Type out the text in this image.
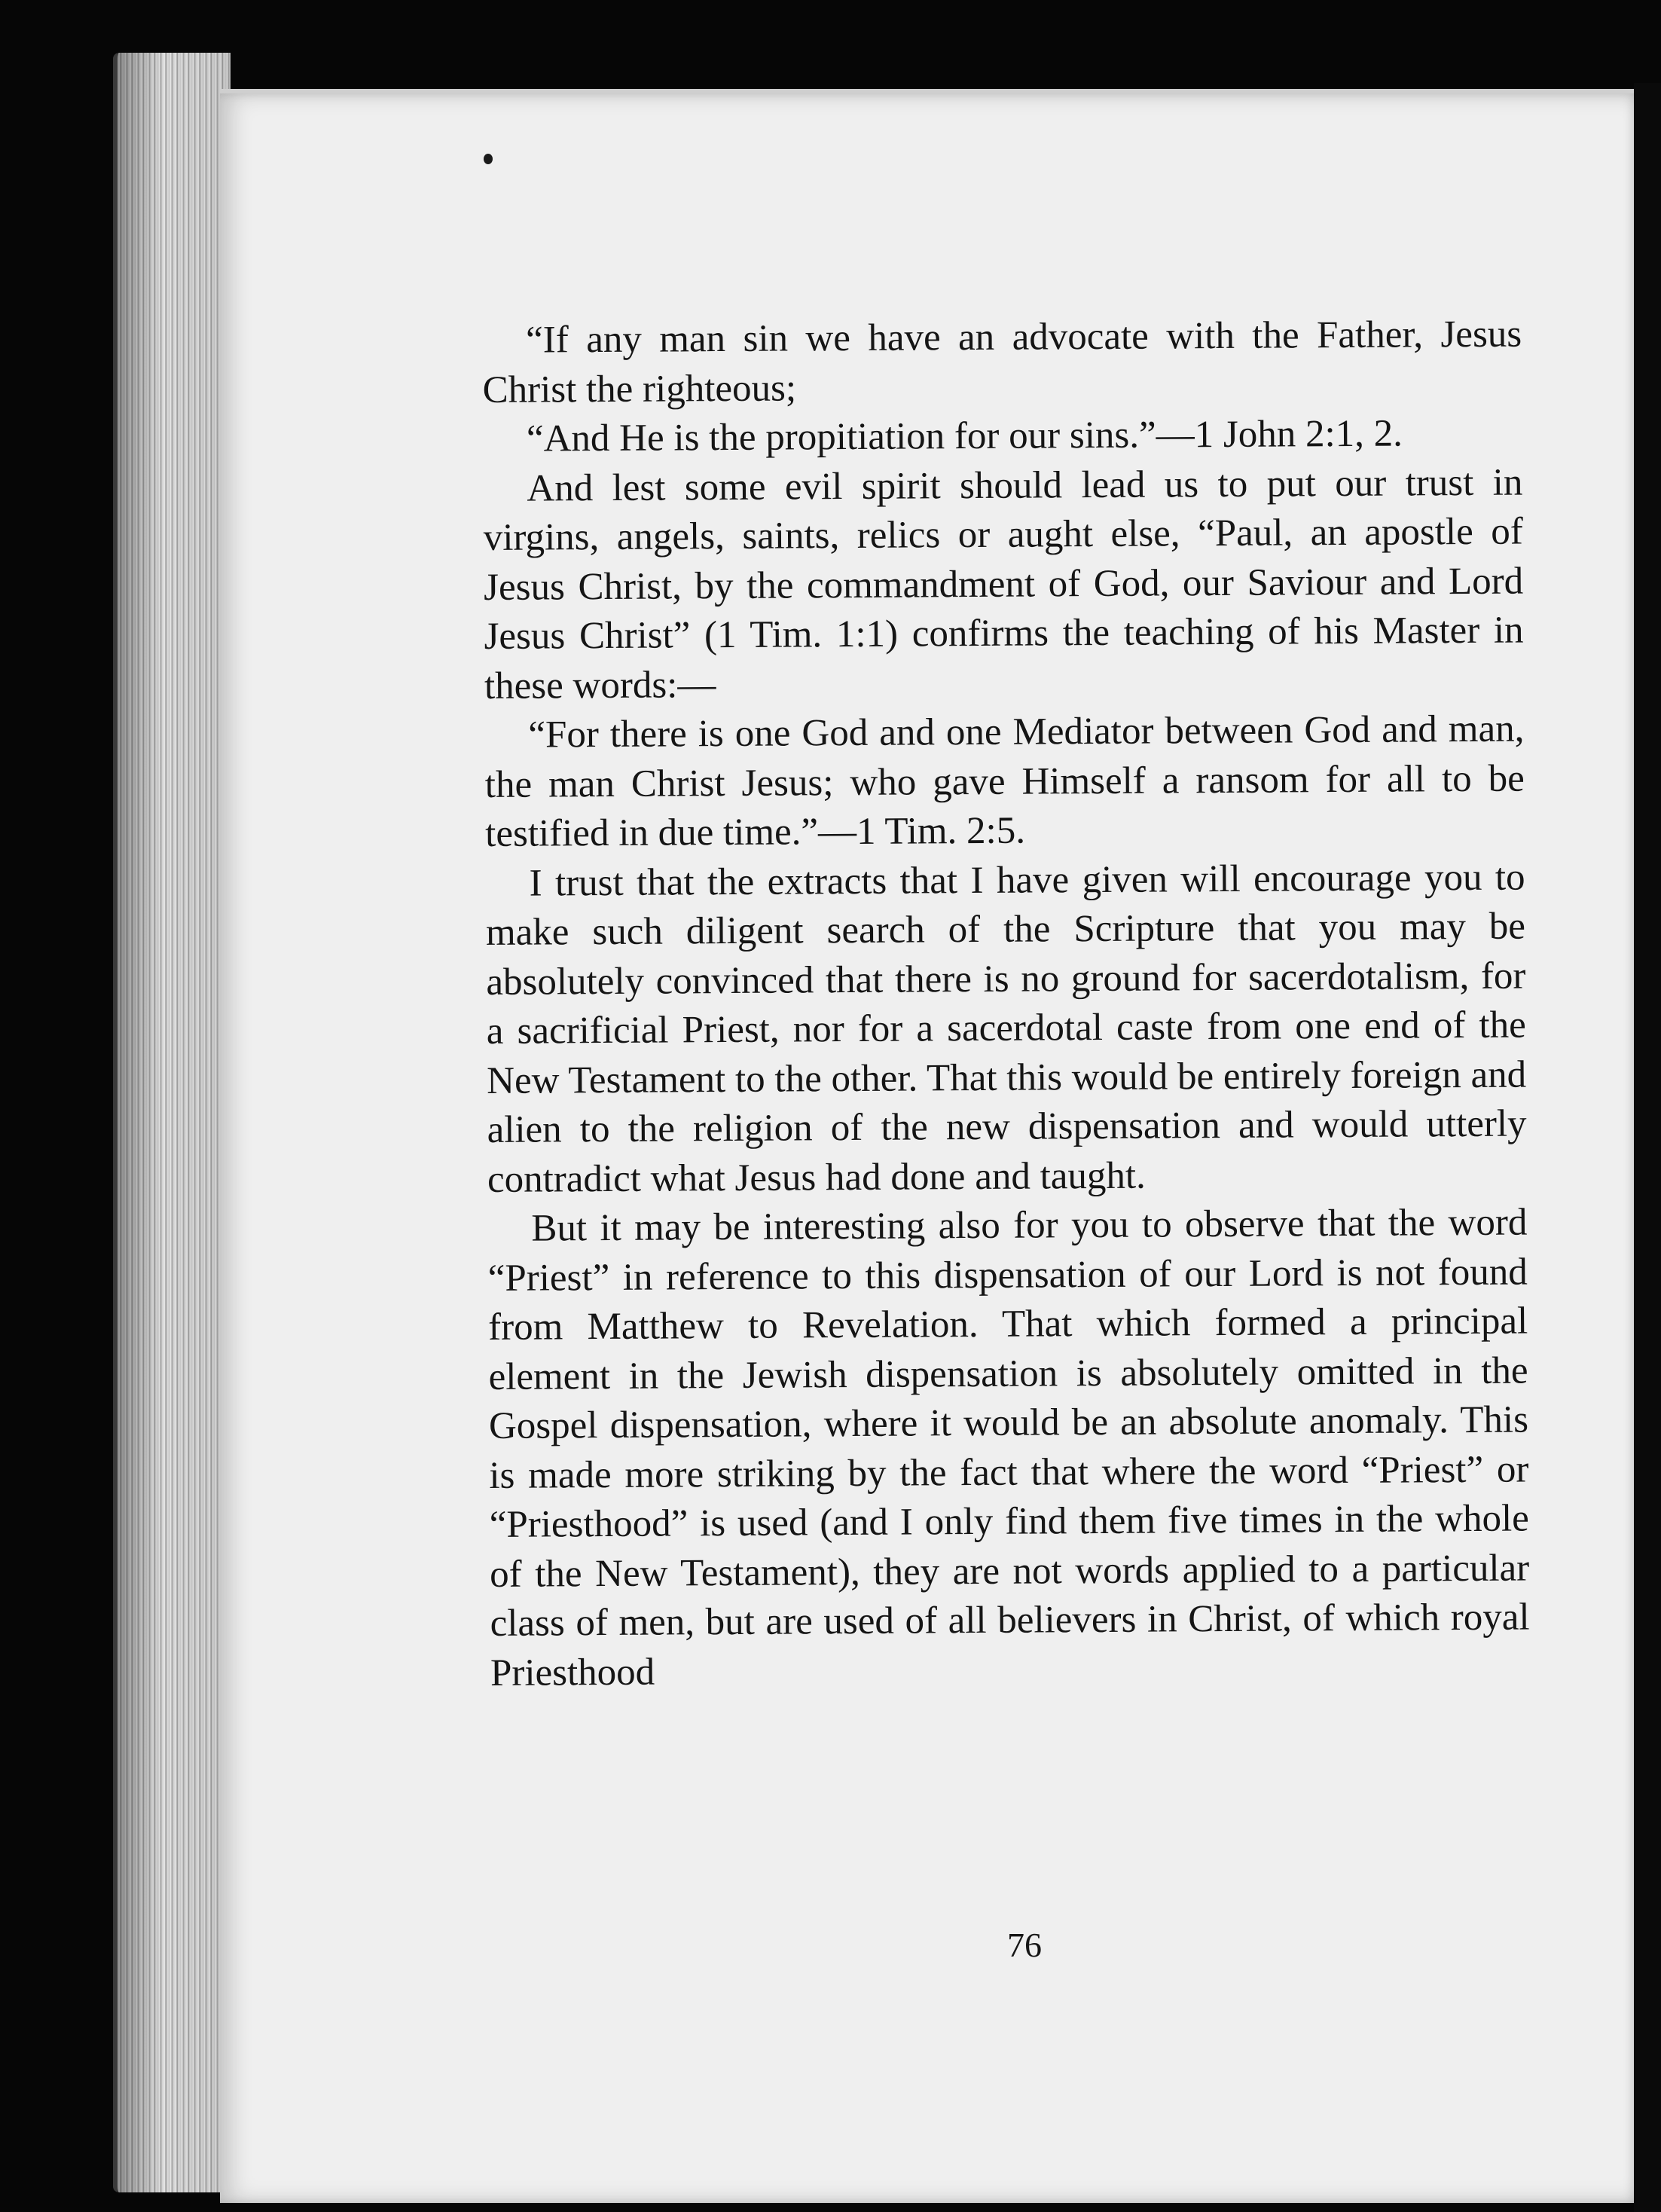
“If any man sin we have an advocate with the Father, Jesus Christ the righteous;

“And He is the propitiation for our sins.”—1 John 2:1, 2.

And lest some evil spirit should lead us to put our trust in virgins, angels, saints, relics or aught else, “Paul, an apostle of Jesus Christ, by the commandment of God, our Saviour and Lord Jesus Christ” (1 Tim. 1:1) confirms the teaching of his Master in these words:—

“For there is one God and one Mediator between God and man, the man Christ Jesus; who gave Himself a ransom for all to be testified in due time.”—1 Tim. 2:5.

I trust that the extracts that I have given will encourage you to make such diligent search of the Scripture that you may be absolutely convinced that there is no ground for sacerdotalism, for a sacrificial Priest, nor for a sacerdotal caste from one end of the New Testament to the other. That this would be entirely foreign and alien to the religion of the new dispensation and would utterly contradict what Jesus had done and taught.

But it may be interesting also for you to observe that the word “Priest” in reference to this dispensation of our Lord is not found from Matthew to Revelation. That which formed a principal element in the Jewish dispensation is absolutely omitted in the Gospel dispensation, where it would be an absolute anomaly. This is made more striking by the fact that where the word “Priest” or “Priesthood” is used (and I only find them five times in the whole of the New Testament), they are not words applied to a particular class of men, but are used of all believers in Christ, of which royal Priesthood

76
